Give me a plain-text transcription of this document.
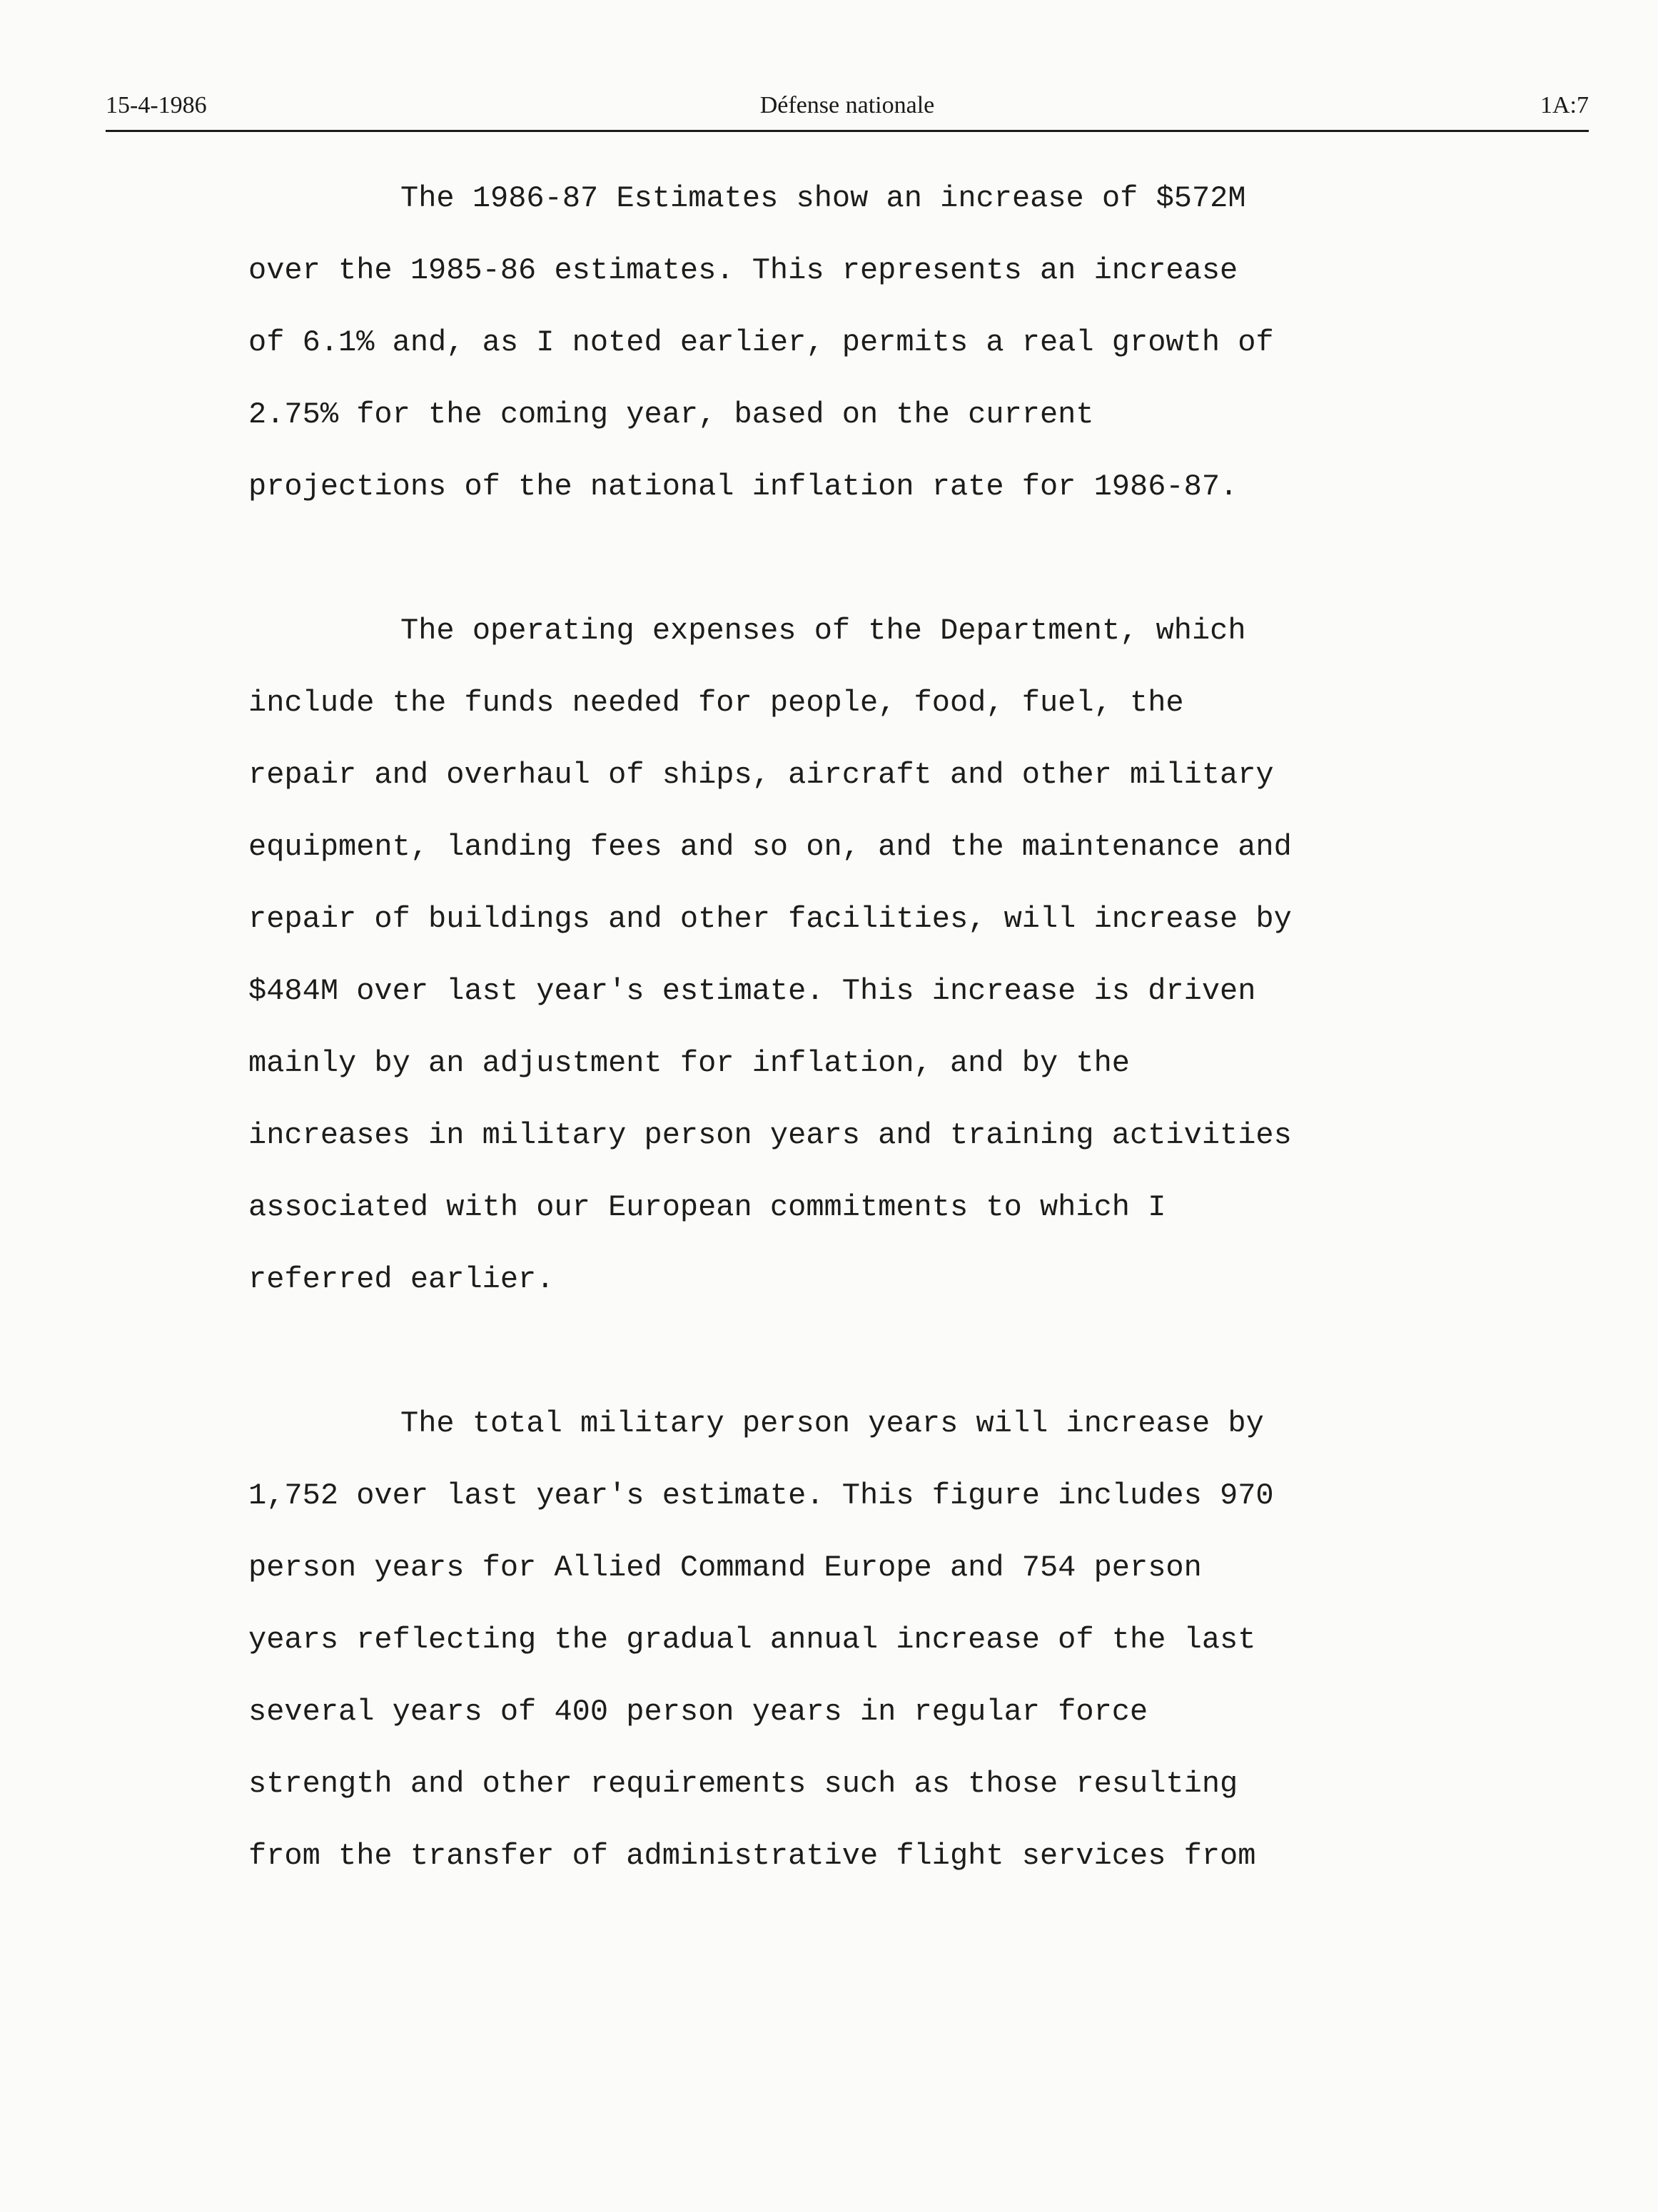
15-4-1986	Défense nationale	1A:7

The 1986-87 Estimates show an increase of $572M
over the 1985-86 estimates. This represents an increase
of 6.1% and, as I noted earlier, permits a real growth of
2.75% for the coming year, based on the current
projections of the national inflation rate for 1986-87.

The operating expenses of the Department, which
include the funds needed for people, food, fuel, the
repair and overhaul of ships, aircraft and other military
equipment, landing fees and so on, and the maintenance and
repair of buildings and other facilities, will increase by
$484M over last year's estimate. This increase is driven
mainly by an adjustment for inflation, and by the
increases in military person years and training activities
associated with our European commitments to which I
referred earlier.

The total military person years will increase by
1,752 over last year's estimate. This figure includes 970
person years for Allied Command Europe and 754 person
years reflecting the gradual annual increase of the last
several years of 400 person years in regular force
strength and other requirements such as those resulting
from the transfer of administrative flight services from
